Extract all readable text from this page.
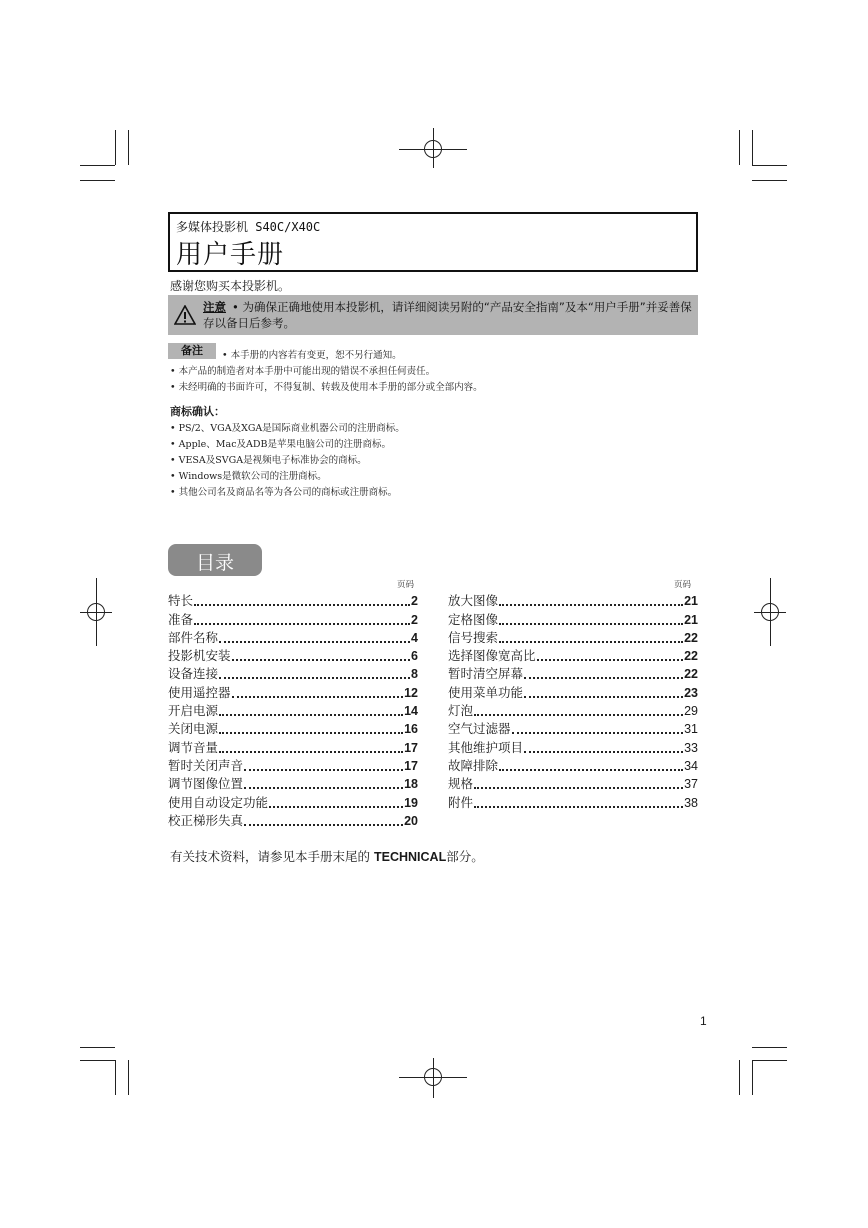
多媒体投影机 S40C/X40C
用户手册
感谢您购买本投影机。
注意 • 为确保正确地使用本投影机，请详细阅读另附的“产品安全指南”及本“用户手册”并妥善保存以备日后参考。
备注	• 本手册的内容若有变更，恕不另行通知。
• 本产品的制造者对本手册中可能出现的错误不承担任何责任。
• 未经明确的书面许可，不得复制、转载及使用本手册的部分或全部内容。
商标确认：
• PS/2、VGA及XGA是国际商业机器公司的注册商标。
• Apple、Mac及ADB是苹果电脑公司的注册商标。
• VESA及SVGA是视频电子标准协会的商标。
• Windows是微软公司的注册商标。
• 其他公司名及商品名等为各公司的商标或注册商标。
目录
页码	页码
特长	2
准备	2
部件名称	4
投影机安装	6
设备连接	8
使用遥控器	12
开启电源	14
关闭电源	16
调节音量	17
暂时关闭声音	17
调节图像位置	18
使用自动设定功能	19
校正梯形失真	20
放大图像	21
定格图像	21
信号搜索	22
选择图像宽高比	22
暂时清空屏幕	22
使用菜单功能	23
灯泡	29
空气过滤器	31
其他维护项目	33
故障排除	34
规格	37
附件	38
有关技术资料，请参见本手册末尾的 TECHNICAL部分。
1
